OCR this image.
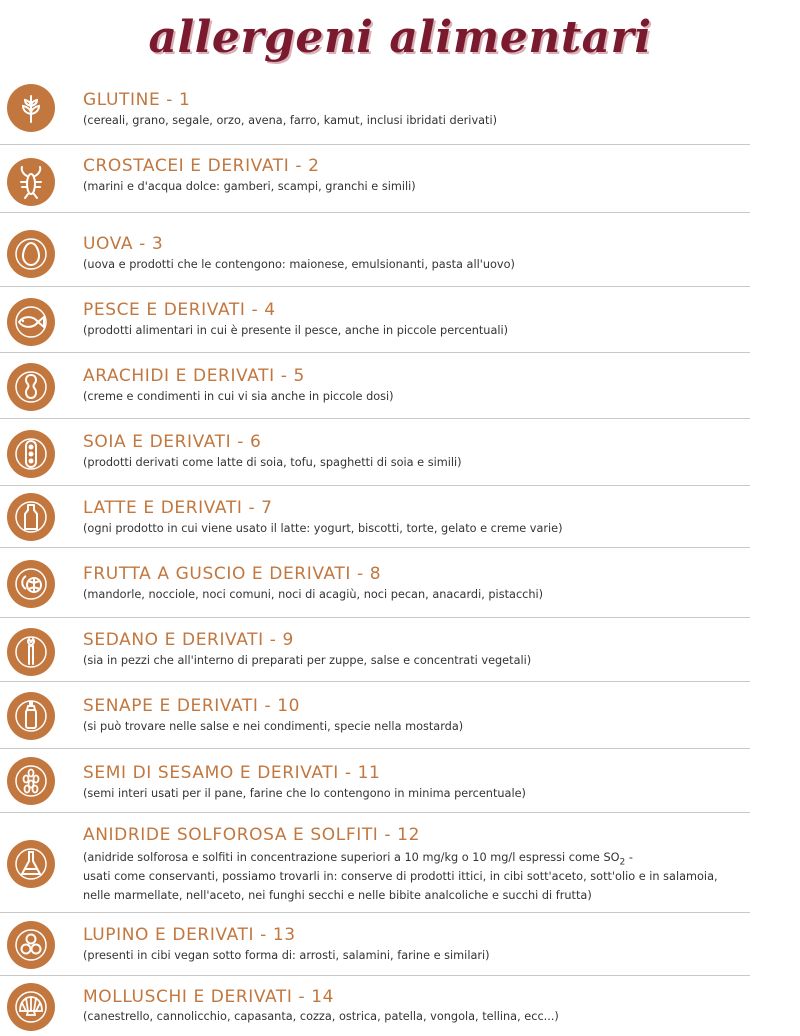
allergeni alimentari
GLUTINE - 1
(cereali, grano, segale, orzo, avena, farro, kamut, inclusi ibridati derivati)
CROSTACEI E DERIVATI - 2
(marini e d'acqua dolce: gamberi, scampi, granchi e simili)
UOVA - 3
(uova e prodotti che le contengono: maionese, emulsionanti, pasta all'uovo)
PESCE E DERIVATI - 4
(prodotti alimentari in cui è presente il pesce, anche in piccole percentuali)
ARACHIDI E DERIVATI - 5
(creme e condimenti in cui vi sia anche in piccole dosi)
SOIA E DERIVATI - 6
(prodotti derivati come latte di soia, tofu, spaghetti di soia e simili)
LATTE E DERIVATI - 7
(ogni prodotto in cui viene usato il latte: yogurt, biscotti, torte, gelato e creme varie)
FRUTTA A GUSCIO E DERIVATI - 8
(mandorle, nocciole, noci comuni, noci di acagiù, noci pecan, anacardi, pistacchi)
SEDANO E DERIVATI - 9
(sia in pezzi che all'interno di preparati per zuppe, salse e concentrati vegetali)
SENAPE E DERIVATI - 10
(si può trovare nelle salse e nei condimenti, specie nella mostarda)
SEMI DI SESAMO E DERIVATI - 11
(semi interi usati per il pane, farine che lo contengono in minima percentuale)
ANIDRIDE SOLFOROSA E SOLFITI - 12
(anidride solforosa e solfiti in concentrazione superiori a 10 mg/kg o 10 mg/l espressi come $SO_2$ -
usati come conservanti, possiamo trovarli in: conserve di prodotti ittici, in cibi sott'aceto, sott'olio e in salamoia,
nelle marmellate, nell'aceto, nei funghi secchi e nelle bibite analcoliche e succhi di frutta)
LUPINO E DERIVATI - 13
(presenti in cibi vegan sotto forma di: arrosti, salamini, farine e similari)
MOLLUSCHI E DERIVATI - 14
(canestrello, cannolicchio, capasanta, cozza, ostrica, patella, vongola, tellina, ecc...)
